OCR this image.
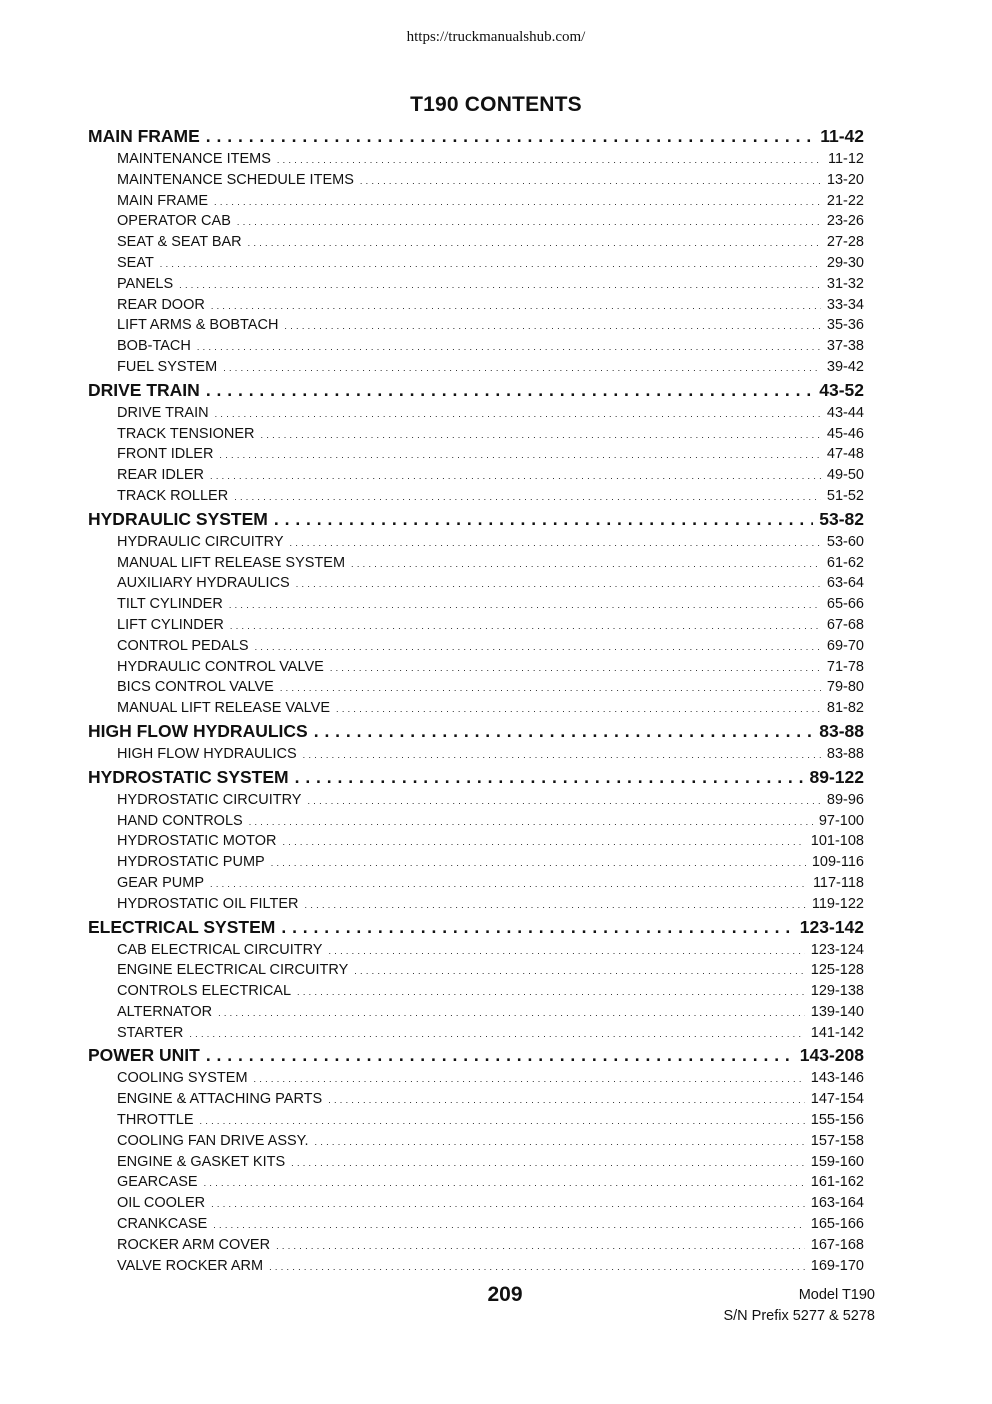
https://truckmanualshub.com/
T190 CONTENTS
MAIN FRAME . . .	11-42
MAINTENANCE ITEMS . . .	11-12
MAINTENANCE SCHEDULE ITEMS . . .	13-20
MAIN FRAME . . .	21-22
OPERATOR CAB . . .	23-26
SEAT & SEAT BAR . . .	27-28
SEAT . . .	29-30
PANELS . . .	31-32
REAR DOOR . . .	33-34
LIFT ARMS & BOBTACH . . .	35-36
BOB-TACH . . .	37-38
FUEL SYSTEM . . .	39-42
DRIVE TRAIN . . .	43-52
DRIVE TRAIN . . .	43-44
TRACK TENSIONER . . .	45-46
FRONT IDLER . . .	47-48
REAR IDLER . . .	49-50
TRACK ROLLER . . .	51-52
HYDRAULIC SYSTEM . . .	53-82
HYDRAULIC CIRCUITRY . . .	53-60
MANUAL LIFT RELEASE SYSTEM . . .	61-62
AUXILIARY HYDRAULICS . . .	63-64
TILT CYLINDER . . .	65-66
LIFT CYLINDER . . .	67-68
CONTROL PEDALS . . .	69-70
HYDRAULIC CONTROL VALVE . . .	71-78
BICS CONTROL VALVE . . .	79-80
MANUAL LIFT RELEASE VALVE . . .	81-82
HIGH FLOW HYDRAULICS . . .	83-88
HIGH FLOW HYDRAULICS . . .	83-88
HYDROSTATIC SYSTEM . . .	89-122
HYDROSTATIC CIRCUITRY . . .	89-96
HAND CONTROLS . . .	97-100
HYDROSTATIC MOTOR . . .	101-108
HYDROSTATIC PUMP . . .	109-116
GEAR PUMP . . .	117-118
HYDROSTATIC OIL FILTER . . .	119-122
ELECTRICAL SYSTEM . . .	123-142
CAB ELECTRICAL CIRCUITRY . . .	123-124
ENGINE ELECTRICAL CIRCUITRY . . .	125-128
CONTROLS ELECTRICAL . . .	129-138
ALTERNATOR . . .	139-140
STARTER . . .	141-142
POWER UNIT . . .	143-208
COOLING SYSTEM . . .	143-146
ENGINE & ATTACHING PARTS . . .	147-154
THROTTLE . . .	155-156
COOLING FAN DRIVE ASSY. . . .	157-158
ENGINE & GASKET KITS . . .	159-160
GEARCASE . . .	161-162
OIL COOLER . . .	163-164
CRANKCASE . . .	165-166
ROCKER ARM COVER . . .	167-168
VALVE ROCKER ARM . . .	169-170
209	Model T190
S/N Prefix 5277 & 5278
